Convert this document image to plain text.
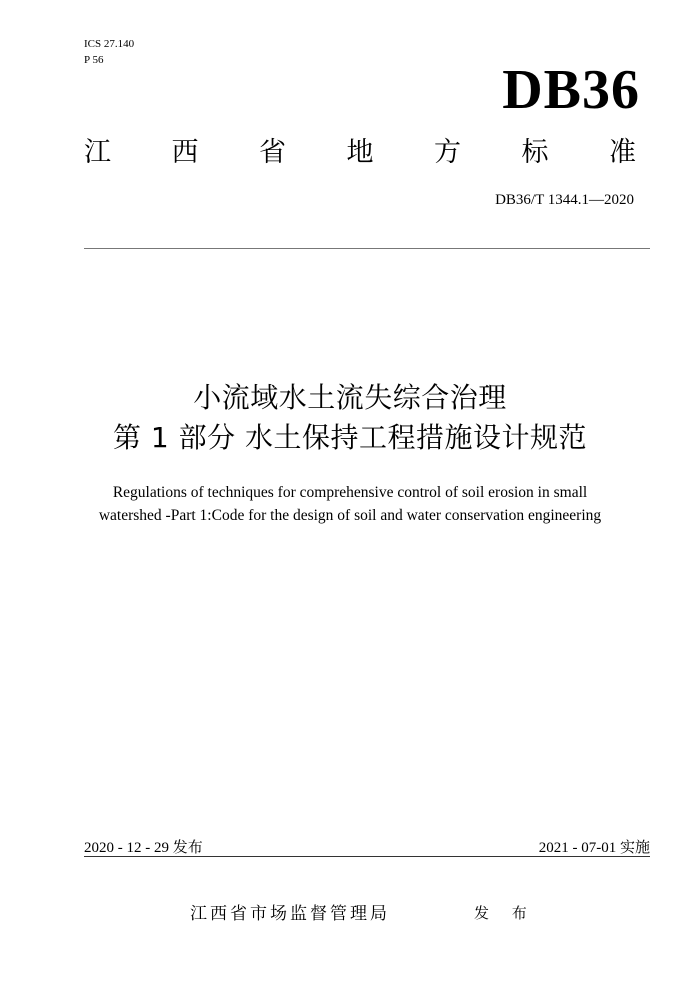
ICS 27.140
P 56	DB36
江 西 省 地 方 标 准
DB36/T 1344.1—2020
小流域水土流失综合治理
第 1 部分 水土保持工程措施设计规范
Regulations of techniques for comprehensive control of soil erosion in small
watershed -Part 1:Code for the design of soil and water conservation engineering
2020 - 12 - 29 发布	2021 - 07-01 实施
江西省市场监督管理局	发 布
